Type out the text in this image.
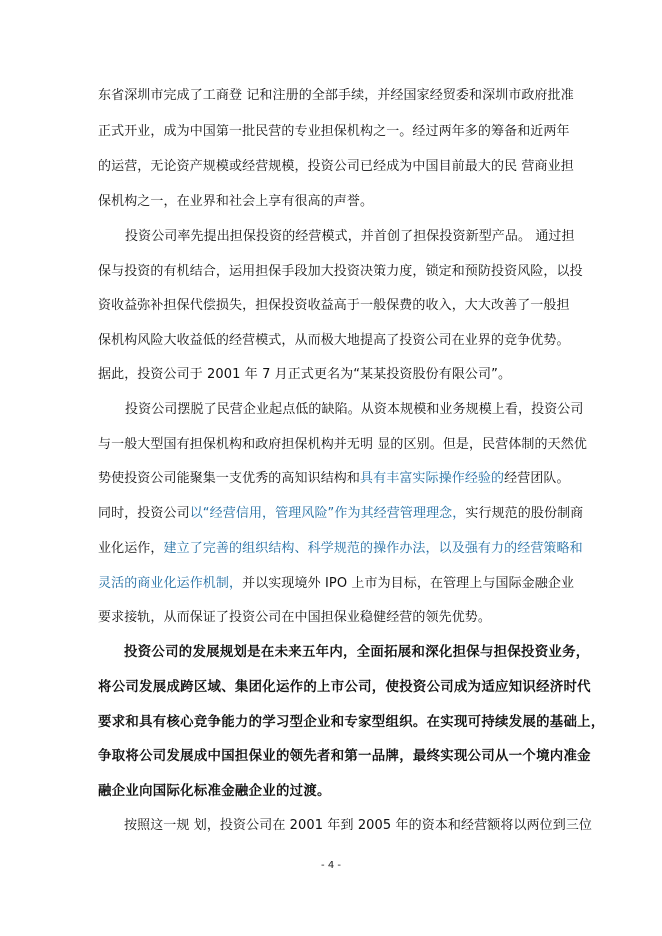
东省深圳市完成了工商登 记和注册的全部手续，并经国家经贸委和深圳市政府批准
正式开业，成为中国第一批民营的专业担保机构之一。经过两年多的筹备和近两年
的运营，无论资产规模或经营规模，投资公司已经成为中国目前最大的民 营商业担
保机构之一，在业界和社会上享有很高的声誉。
投资公司率先提出担保投资的经营模式，并首创了担保投资新型产品。 通过担
保与投资的有机结合，运用担保手段加大投资决策力度，锁定和预防投资风险，以投
资收益弥补担保代偿损失，担保投资收益高于一般保费的收入，大大改善了一般担
保机构风险大收益低的经营模式，从而极大地提高了投资公司在业界的竞争优势。
据此，投资公司于 2001 年 7 月正式更名为“某某投资股份有限公司”。
投资公司摆脱了民营企业起点低的缺陷。从资本规模和业务规模上看，投资公司
与一般大型国有担保机构和政府担保机构并无明 显的区别。但是，民营体制的天然优
势使投资公司能聚集一支优秀的高知识结构和具有丰富实际操作经验的经营团队。
同时，投资公司以“经营信用，管理风险”作为其经营管理理念，实行规范的股份制商
业化运作，建立了完善的组织结构、科学规范的操作办法，以及强有力的经营策略和
灵活的商业化运作机制，并以实现境外 IPO 上市为目标，在管理上与国际金融企业
要求接轨，从而保证了投资公司在中国担保业稳健经营的领先优势。
投资公司的发展规划是在未来五年内，全面拓展和深化担保与担保投资业务，
将公司发展成跨区域、集团化运作的上市公司，使投资公司成为适应知识经济时代
要求和具有核心竞争能力的学习型企业和专家型组织。在实现可持续发展的基础上，
争取将公司发展成中国担保业的领先者和第一品牌，最终实现公司从一个境内准金
融企业向国际化标准金融企业的过渡。
按照这一规 划，投资公司在 2001 年到 2005 年的资本和经营额将以两位到三位
- 4 -
